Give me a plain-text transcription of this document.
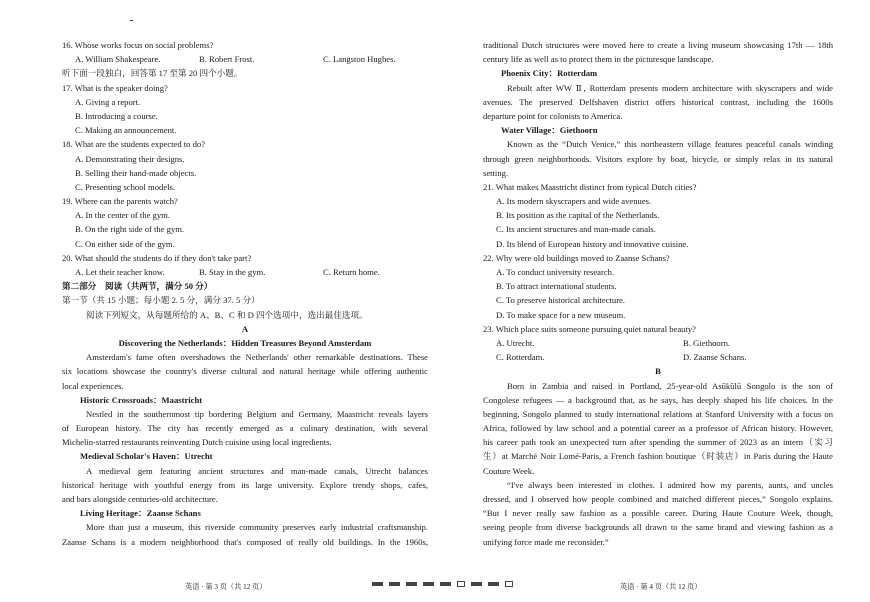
16. Whose works focus on social problems?
A. William Shakespeare.	B. Robert Frost.	C. Langston Hughes.
听下面一段独白，回答第 17 至第 20 四个小题。
17. What is the speaker doing?
A. Giving a report.
B. Introducing a course.
C. Making an announcement.
18. What are the students expected to do?
A. Demonstrating their designs.
B. Selling their hand-made objects.
C. Presenting school models.
19. Where can the parents watch?
A. In the center of the gym.
B. On the right side of the gym.
C. On either side of the gym.
20. What should the students do if they don't take part?
A. Let their teacher know.	B. Stay in the gym.	C. Return home.
第二部分　阅读（共两节，满分 50 分）
第一节（共 15 小题；每小题 2. 5 分，满分 37. 5 分）
阅读下列短文，从每题所给的 A、B、C 和 D 四个选项中，选出最佳选项。
A
Discovering the Netherlands：Hidden Treasures Beyond Amsterdam
Amsterdam's fame often overshadows the Netherlands' other remarkable destinations. These
six locations showcase the country's diverse cultural and natural heritage while offering authentic
local experiences.
Historic Crossroads：Maastricht
Nestled in the southernmost tip bordering Belgium and Germany, Maastricht reveals layers
of European history. The city has recently emerged as a culinary destination, with several
Michelin-starred restaurants reinventing Dutch cuisine using local ingredients.
Medieval Scholar's Haven：Utrecht
A medieval gem featuring ancient structures and man-made canals, Utrecht balances
historical heritage with youthful energy from its large university. Explore trendy shops, cafes,
and bars alongside centuries-old architecture.
Living Heritage：Zaanse Schans
More than just a museum, this riverside community preserves early industrial craftsmanship.
Zaanse Schans is a modern neighborhood that's composed of really old buildings. In the 1960s,
traditional Dutch structures were moved here to create a living museum showcasing 17th — 18th
century life as well as to protect them in the picturesque landscape.
Phoenix City：Rotterdam
Rebuilt after WW Ⅱ, Rotterdam presents modern architecture with skyscrapers and wide
avenues. The preserved Delfshaven district offers historical contrast, including the 1600s
departure point for colonists to America.
Water Village：Giethoorn
Known as the “Dutch Venice,” this northeastern village features peaceful canals winding
through green neighborhoods. Visitors explore by boat, bicycle, or simply relax in its natural
setting.
21. What makes Maastricht distinct from typical Dutch cities?
A. Its modern skyscrapers and wide avenues.
B. Its position as the capital of the Netherlands.
C. Its ancient structures and man-made canals.
D. Its blend of European history and innovative cuisine.
22. Why were old buildings moved to Zaanse Schans?
A. To conduct university research.
B. To attract international students.
C. To preserve historical architecture.
D. To make space for a new museum.
23. Which place suits someone pursuing quiet natural beauty?
A. Utrecht.	B. Giethoorn.
C. Rotterdam.	D. Zaanse Schans.
B
Born in Zambia and raised in Portland, 25-year-old Asūkūlū Songolo is the son of
Congolese refugees — a background that, as he says, has deeply shaped his life choices. In the
beginning, Songolo planned to study international relations at Stanford University with a focus on
Africa, followed by law school and a potential career as a professor of African history. However,
his career path took an unexpected turn after spending the summer of 2023 as an intern（实习
生）at Marché Noir Lomé-Paris, a French fashion boutique（时装店）in Paris during the Haute
Couture Week.
“I've always been interested in clothes. I admired how my parents, aunts, and uncles
dressed, and I observed how people combined and matched different pieces,” Songolo explains.
“But I never really saw fashion as a possible career. During Haute Couture Week, though,
seeing people from diverse backgrounds all drawn to the same brand and viewing fashion as a
unifying force made me reconsider.”
英语 · 第 3 页（共 12 页）	英语 · 第 4 页（共 12 页）
